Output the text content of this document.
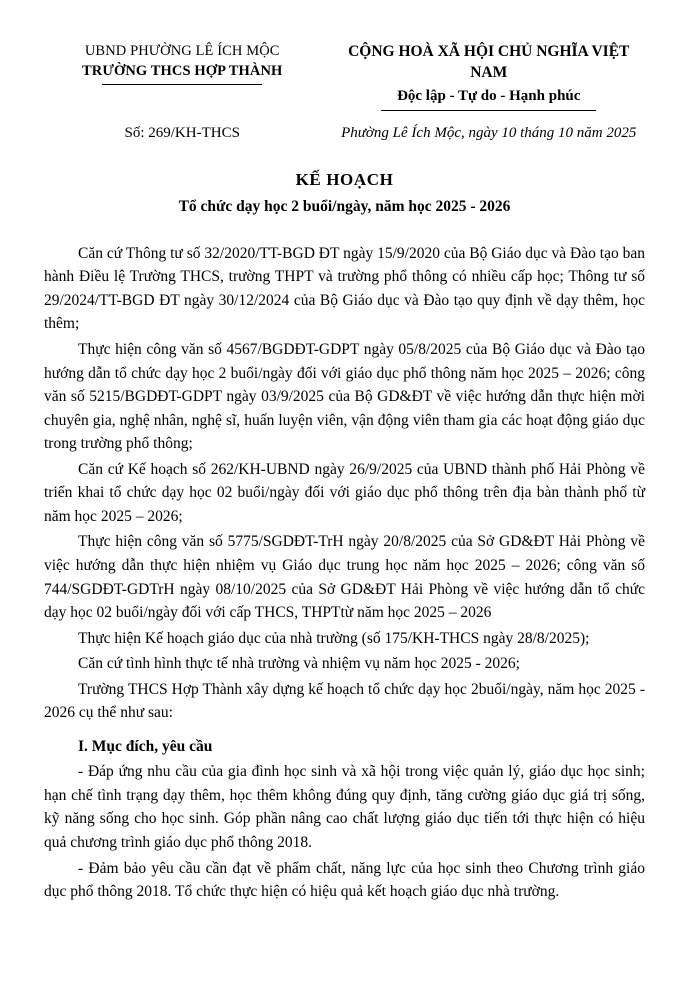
UBND PHƯỜNG LÊ ÍCH MỘC
TRƯỜNG THCS HỢP THÀNH
CỘNG HOÀ XÃ HỘI CHỦ NGHĨA VIỆT NAM
Độc lập - Tự do - Hạnh phúc
Số: 269/KH-THCS	Phường Lê Ích Mộc, ngày 10 tháng 10 năm 2025
KẾ HOẠCH
Tổ chức dạy học 2 buổi/ngày, năm học 2025 - 2026

Căn cứ Thông tư số 32/2020/TT-BGD ĐT ngày 15/9/2020 của Bộ Giáo dục và Đào tạo ban hành Điều lệ Trường THCS, trường THPT và trường phổ thông có nhiều cấp học; Thông tư số 29/2024/TT-BGD ĐT ngày 30/12/2024 của Bộ Giáo dục và Đào tạo quy định về dạy thêm, học thêm;

Thực hiện công văn số 4567/BGDĐT-GDPT ngày 05/8/2025 của Bộ Giáo dục và Đào tạo hướng dẫn tổ chức dạy học 2 buổi/ngày đối với giáo dục phổ thông năm học 2025 – 2026; công văn số 5215/BGDĐT-GDPT ngày 03/9/2025 của Bộ GD&ĐT về việc hướng dẫn thực hiện mời chuyên gia, nghệ nhân, nghệ sĩ, huấn luyện viên, vận động viên tham gia các hoạt động giáo dục trong trường phổ thông;

Căn cứ Kế hoạch số 262/KH-UBND ngày 26/9/2025 của UBND thành phố Hải Phòng về triển khai tổ chức dạy học 02 buổi/ngày đối với giáo dục phổ thông trên địa bàn thành phố từ năm học 2025 – 2026;

Thực hiện công văn số 5775/SGDĐT-TrH ngày 20/8/2025 của Sở GD&ĐT Hải Phòng về việc hướng dẫn thực hiện nhiệm vụ Giáo dục trung học năm học 2025 – 2026; công văn số 744/SGDĐT-GDTrH ngày 08/10/2025 của Sở GD&ĐT Hải Phòng về việc hướng dẫn tổ chức dạy học 02 buổi/ngày đối với cấp THCS, THPTtừ năm học 2025 – 2026

Thực hiện Kế hoạch giáo dục của nhà trường (số 175/KH-THCS ngày 28/8/2025);

Căn cứ tình hình thực tế nhà trường và nhiệm vụ năm học 2025 - 2026;

Trường THCS Hợp Thành xây dựng kế hoạch tổ chức dạy học 2buổi/ngày, năm học 2025 - 2026 cụ thể như sau:

I. Mục đích, yêu cầu

- Đáp ứng nhu cầu của gia đình học sinh và xã hội trong việc quản lý, giáo dục học sinh; hạn chế tình trạng dạy thêm, học thêm không đúng quy định, tăng cường giáo dục giá trị sống, kỹ năng sống cho học sinh. Góp phần nâng cao chất lượng giáo dục tiến tới thực hiện có hiệu quả chương trình giáo dục phổ thông 2018.

- Đảm bảo yêu cầu cần đạt về phẩm chất, năng lực của học sinh theo Chương trình giáo dục phổ thông 2018. Tổ chức thực hiện có hiệu quả kết hoạch giáo dục nhà trường.
